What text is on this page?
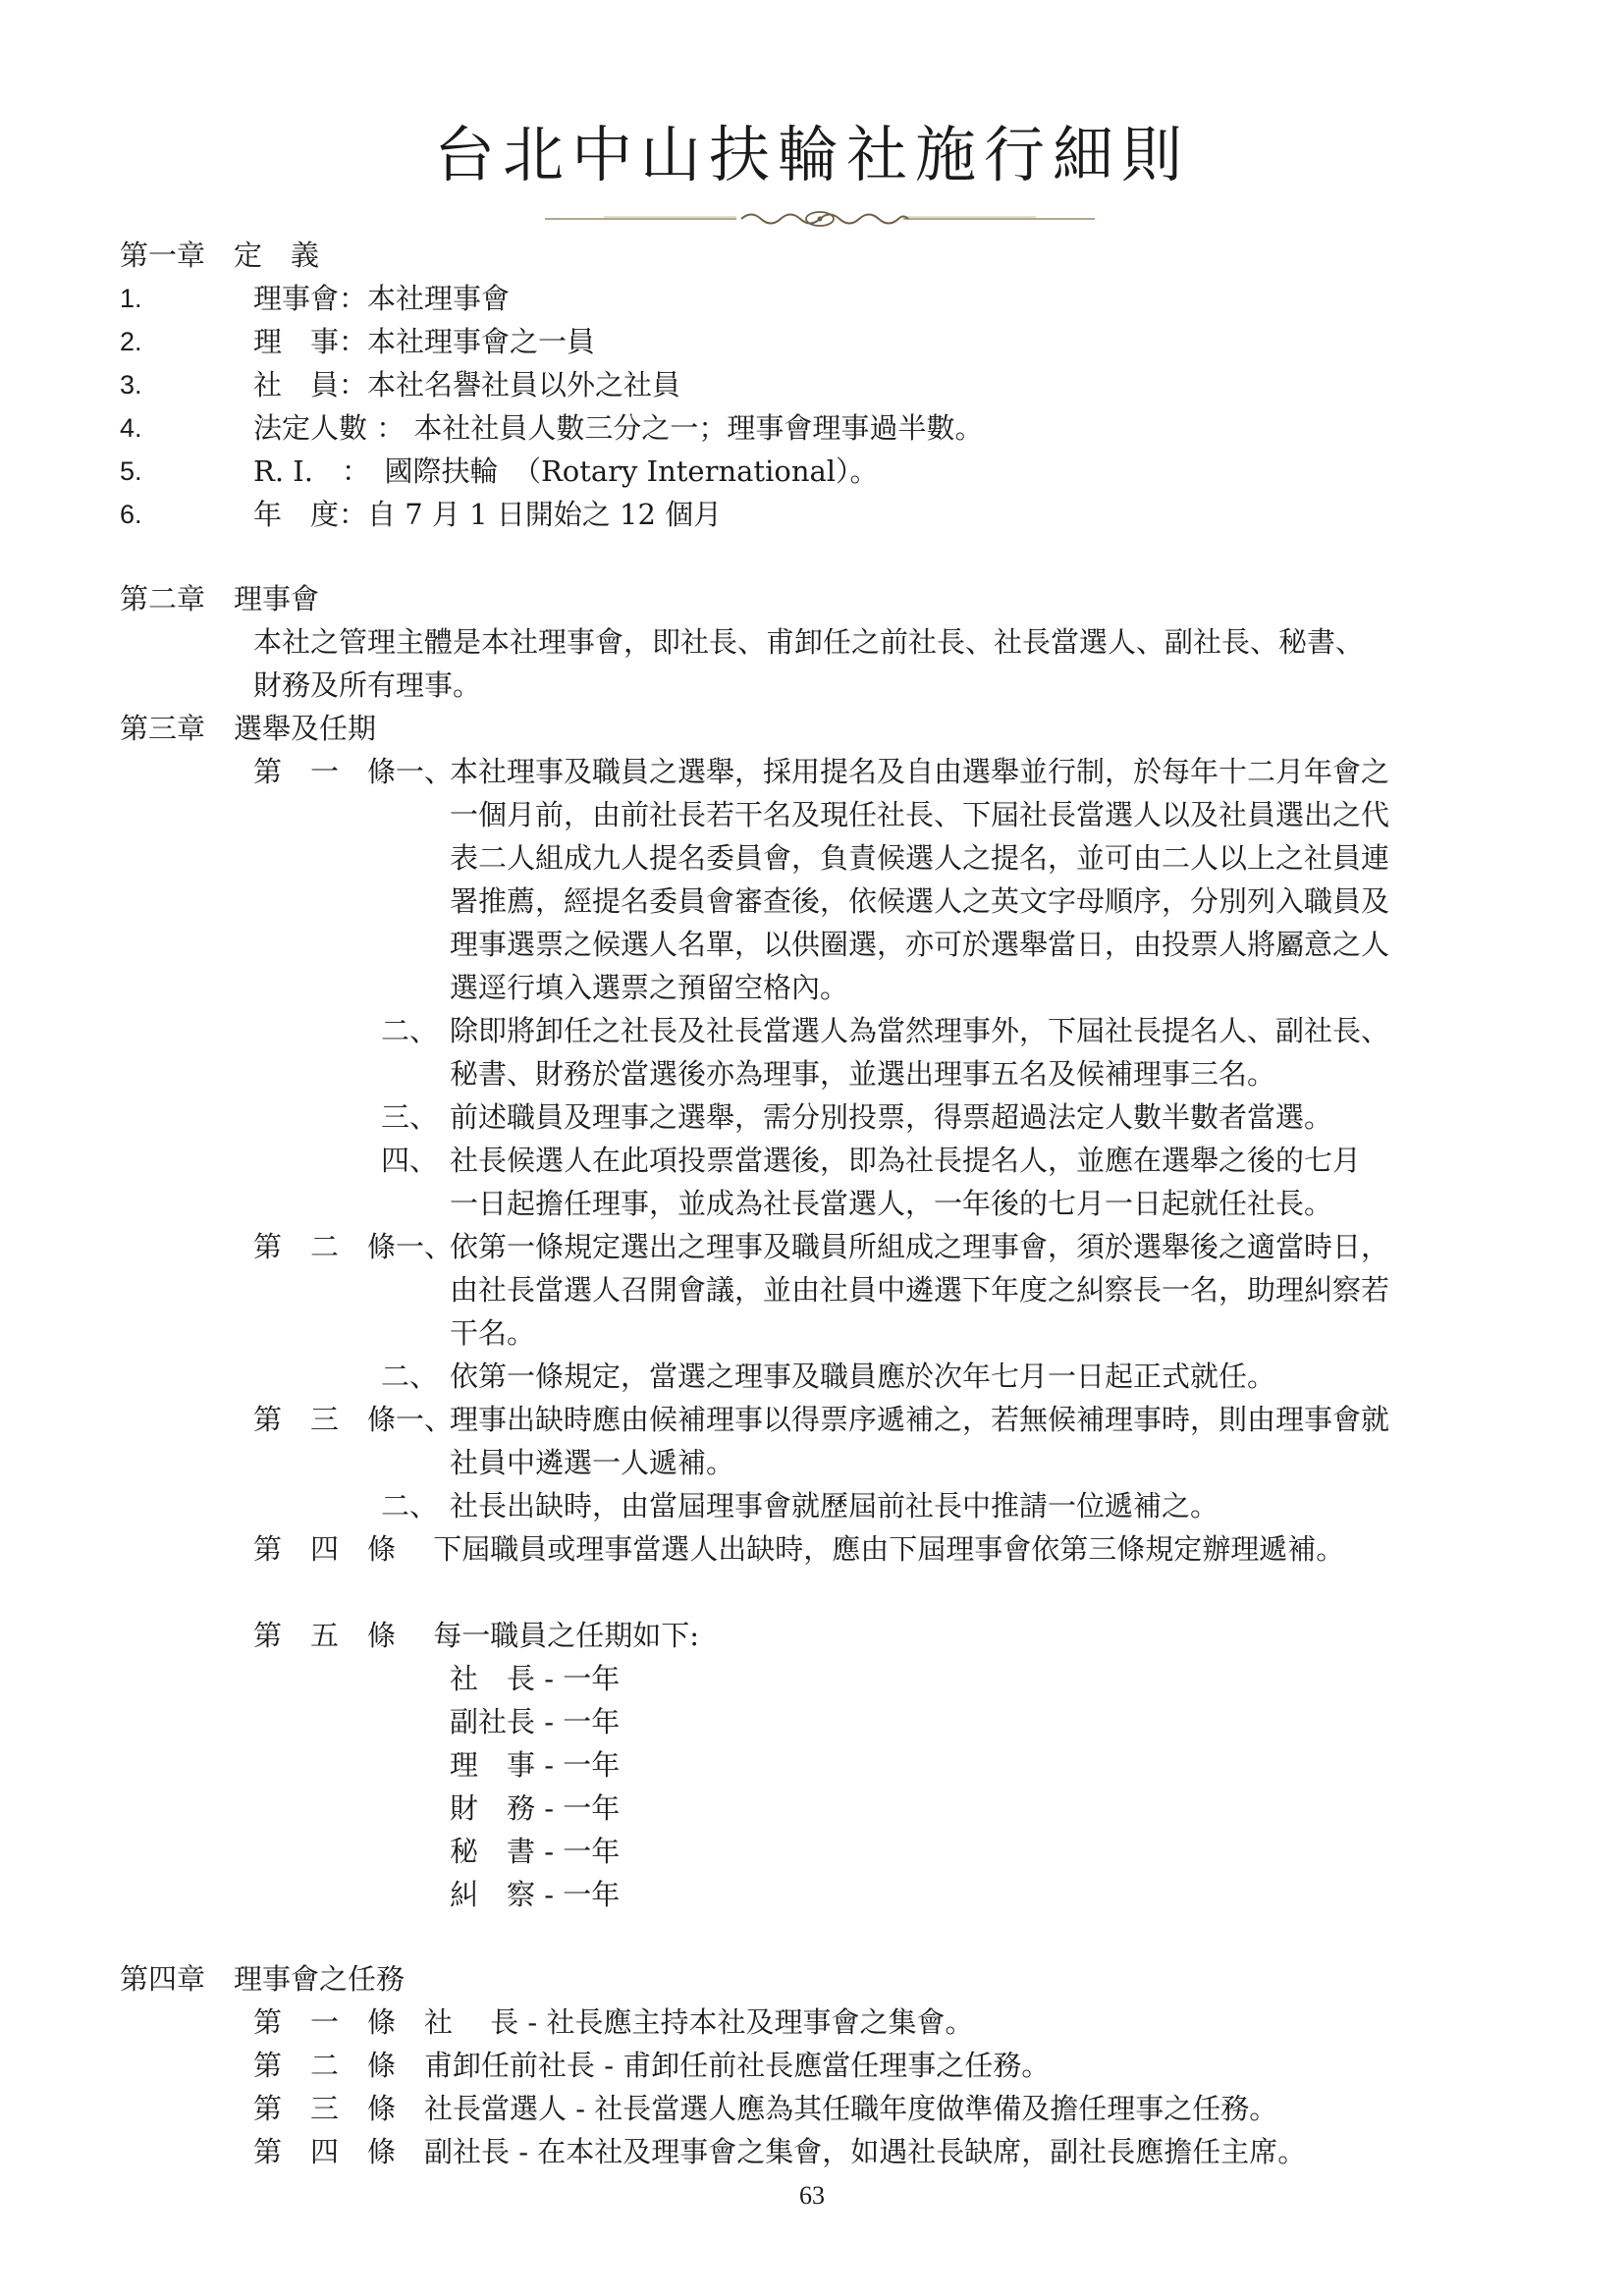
台北中山扶輪社施行細則
第一章　定　義
1.	理事會：本社理事會
2.	理　事：本社理事會之一員
3.	社　員：本社名譽社員以外之社員
4.	法定人數 ： 本社社員人數三分之一；理事會理事過半數。
5.	R. I.　：　國際扶輪　（Rotary International）。
6.	年　度：自 7 月 1 日開始之 12 個月
第二章　理事會
本社之管理主體是本社理事會，即社長、甫卸任之前社長、社長當選人、副社長、秘書、
財務及所有理事。
第三章　選舉及任期
第　一　條一、
本社理事及職員之選舉，採用提名及自由選舉並行制，於每年十二月年會之
一個月前，由前社長若干名及現任社長、下屆社長當選人以及社員選出之代
表二人組成九人提名委員會，負責候選人之提名，並可由二人以上之社員連
署推薦，經提名委員會審查後，依候選人之英文字母順序，分別列入職員及
理事選票之候選人名單，以供圈選，亦可於選舉當日，由投票人將屬意之人
選逕行填入選票之預留空格內。
二、 除即將卸任之社長及社長當選人為當然理事外，下屆社長提名人、副社長、
秘書、財務於當選後亦為理事，並選出理事五名及候補理事三名。
三、 前述職員及理事之選舉，需分別投票，得票超過法定人數半數者當選。
四、 社長候選人在此項投票當選後，即為社長提名人，並應在選舉之後的七月
一日起擔任理事，並成為社長當選人，一年後的七月一日起就任社長。
第　二　條一、
依第一條規定選出之理事及職員所組成之理事會，須於選舉後之適當時日，
由社長當選人召開會議，並由社員中遴選下年度之糾察長一名，助理糾察若
干名。
二、 依第一條規定，當選之理事及職員應於次年七月一日起正式就任。
第　三　條一、
理事出缺時應由候補理事以得票序遞補之，若無候補理事時，則由理事會就
社員中遴選一人遞補。
二、 社長出缺時，由當屆理事會就歷屆前社長中推請一位遞補之。
第　四　條　 下屆職員或理事當選人出缺時，應由下屆理事會依第三條規定辦理遞補。
第　五　條　 每一職員之任期如下:
社　長 - 一年
副社長 - 一年
理　事 - 一年
財　務 - 一年
秘　書 - 一年
糾　察 - 一年
第四章　理事會之任務
第　一　條　社　 長 - 社長應主持本社及理事會之集會。
第　二　條　甫卸任前社長 - 甫卸任前社長應當任理事之任務。
第　三　條　社長當選人 - 社長當選人應為其任職年度做準備及擔任理事之任務。
第　四　條　副社長 - 在本社及理事會之集會，如遇社長缺席，副社長應擔任主席。
63
